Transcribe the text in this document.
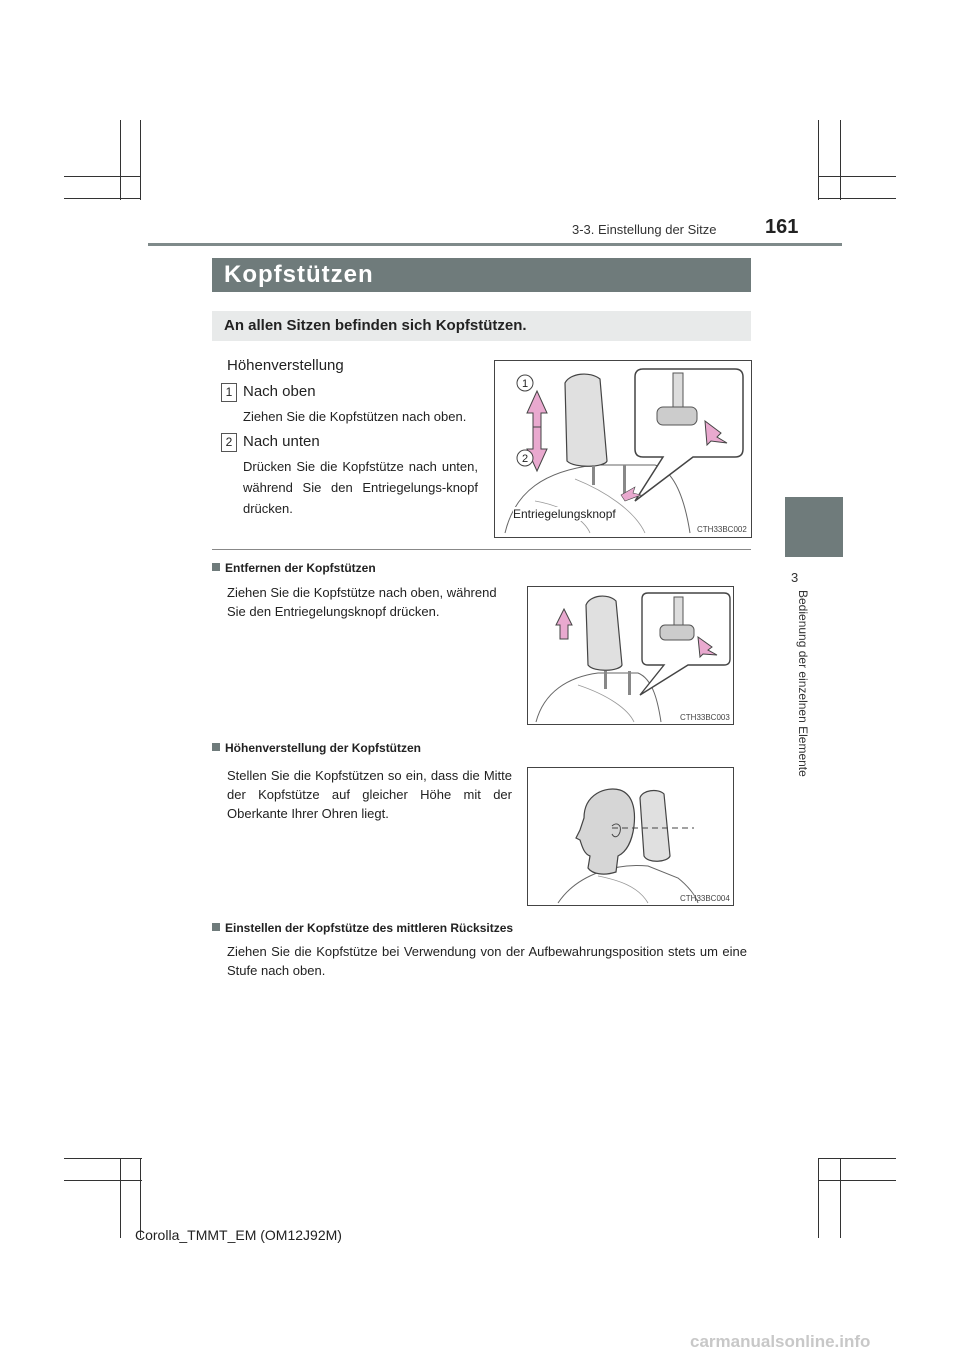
3-3. Einstellung der Sitze	161
3
Bedienung der einzelnen Elemente
Kopfstützen
An allen Sitzen befinden sich Kopfstützen.
Höhenverstellung
1 Nach oben
Ziehen Sie die Kopfstützen nach oben.
2 Nach unten
Drücken Sie die Kopfstütze nach unten, während Sie den Entriegelungs-knopf drücken.
1
2
Entriegelungsknopf
CTH33BC002
Entfernen der Kopfstützen
Ziehen Sie die Kopfstütze nach oben, während Sie den Entriegelungsknopf drücken.
CTH33BC003
Höhenverstellung der Kopfstützen
Stellen Sie die Kopfstützen so ein, dass die Mitte der Kopfstütze auf gleicher Höhe mit der Oberkante Ihrer Ohren liegt.
CTH33BC004
Einstellen der Kopfstütze des mittleren Rücksitzes
Ziehen Sie die Kopfstütze bei Verwendung von der Aufbewahrungsposition stets um eine Stufe nach oben.
Corolla_TMMT_EM (OM12J92M)
carmanualsonline.info
